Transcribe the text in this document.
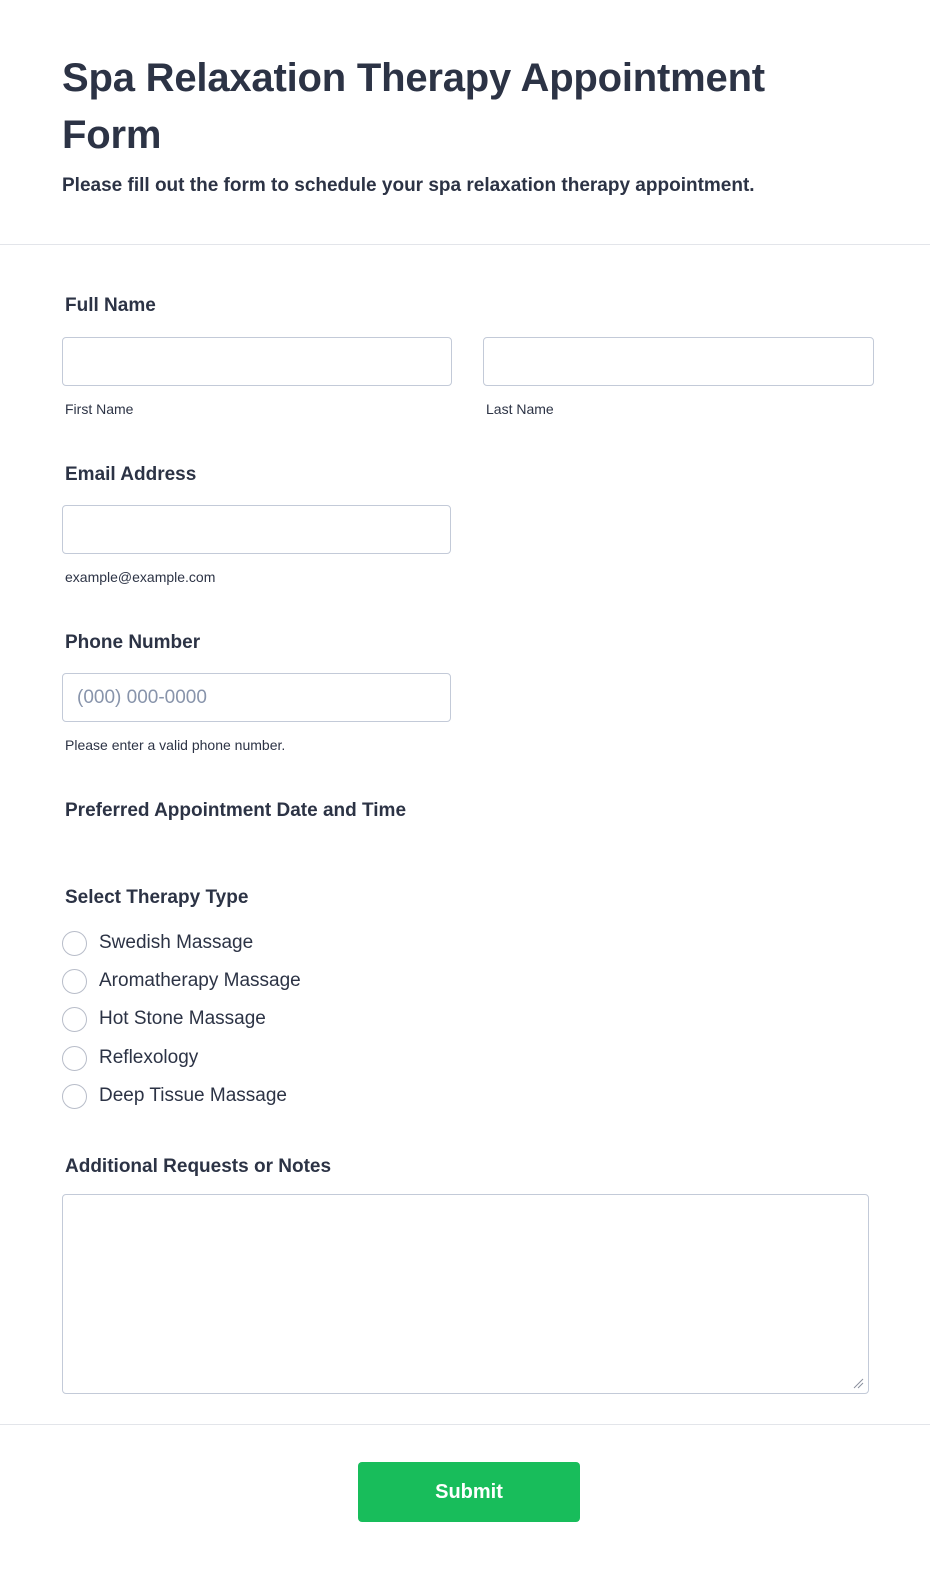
Spa Relaxation Therapy Appointment Form

Please fill out the form to schedule your spa relaxation therapy appointment.

Full Name
First Name	Last Name
Email Address
example@example.com
Phone Number
(000) 000-0000
Please enter a valid phone number.
Preferred Appointment Date and Time
Select Therapy Type
Swedish Massage
Aromatherapy Massage
Hot Stone Massage
Reflexology
Deep Tissue Massage
Additional Requests or Notes
Submit
